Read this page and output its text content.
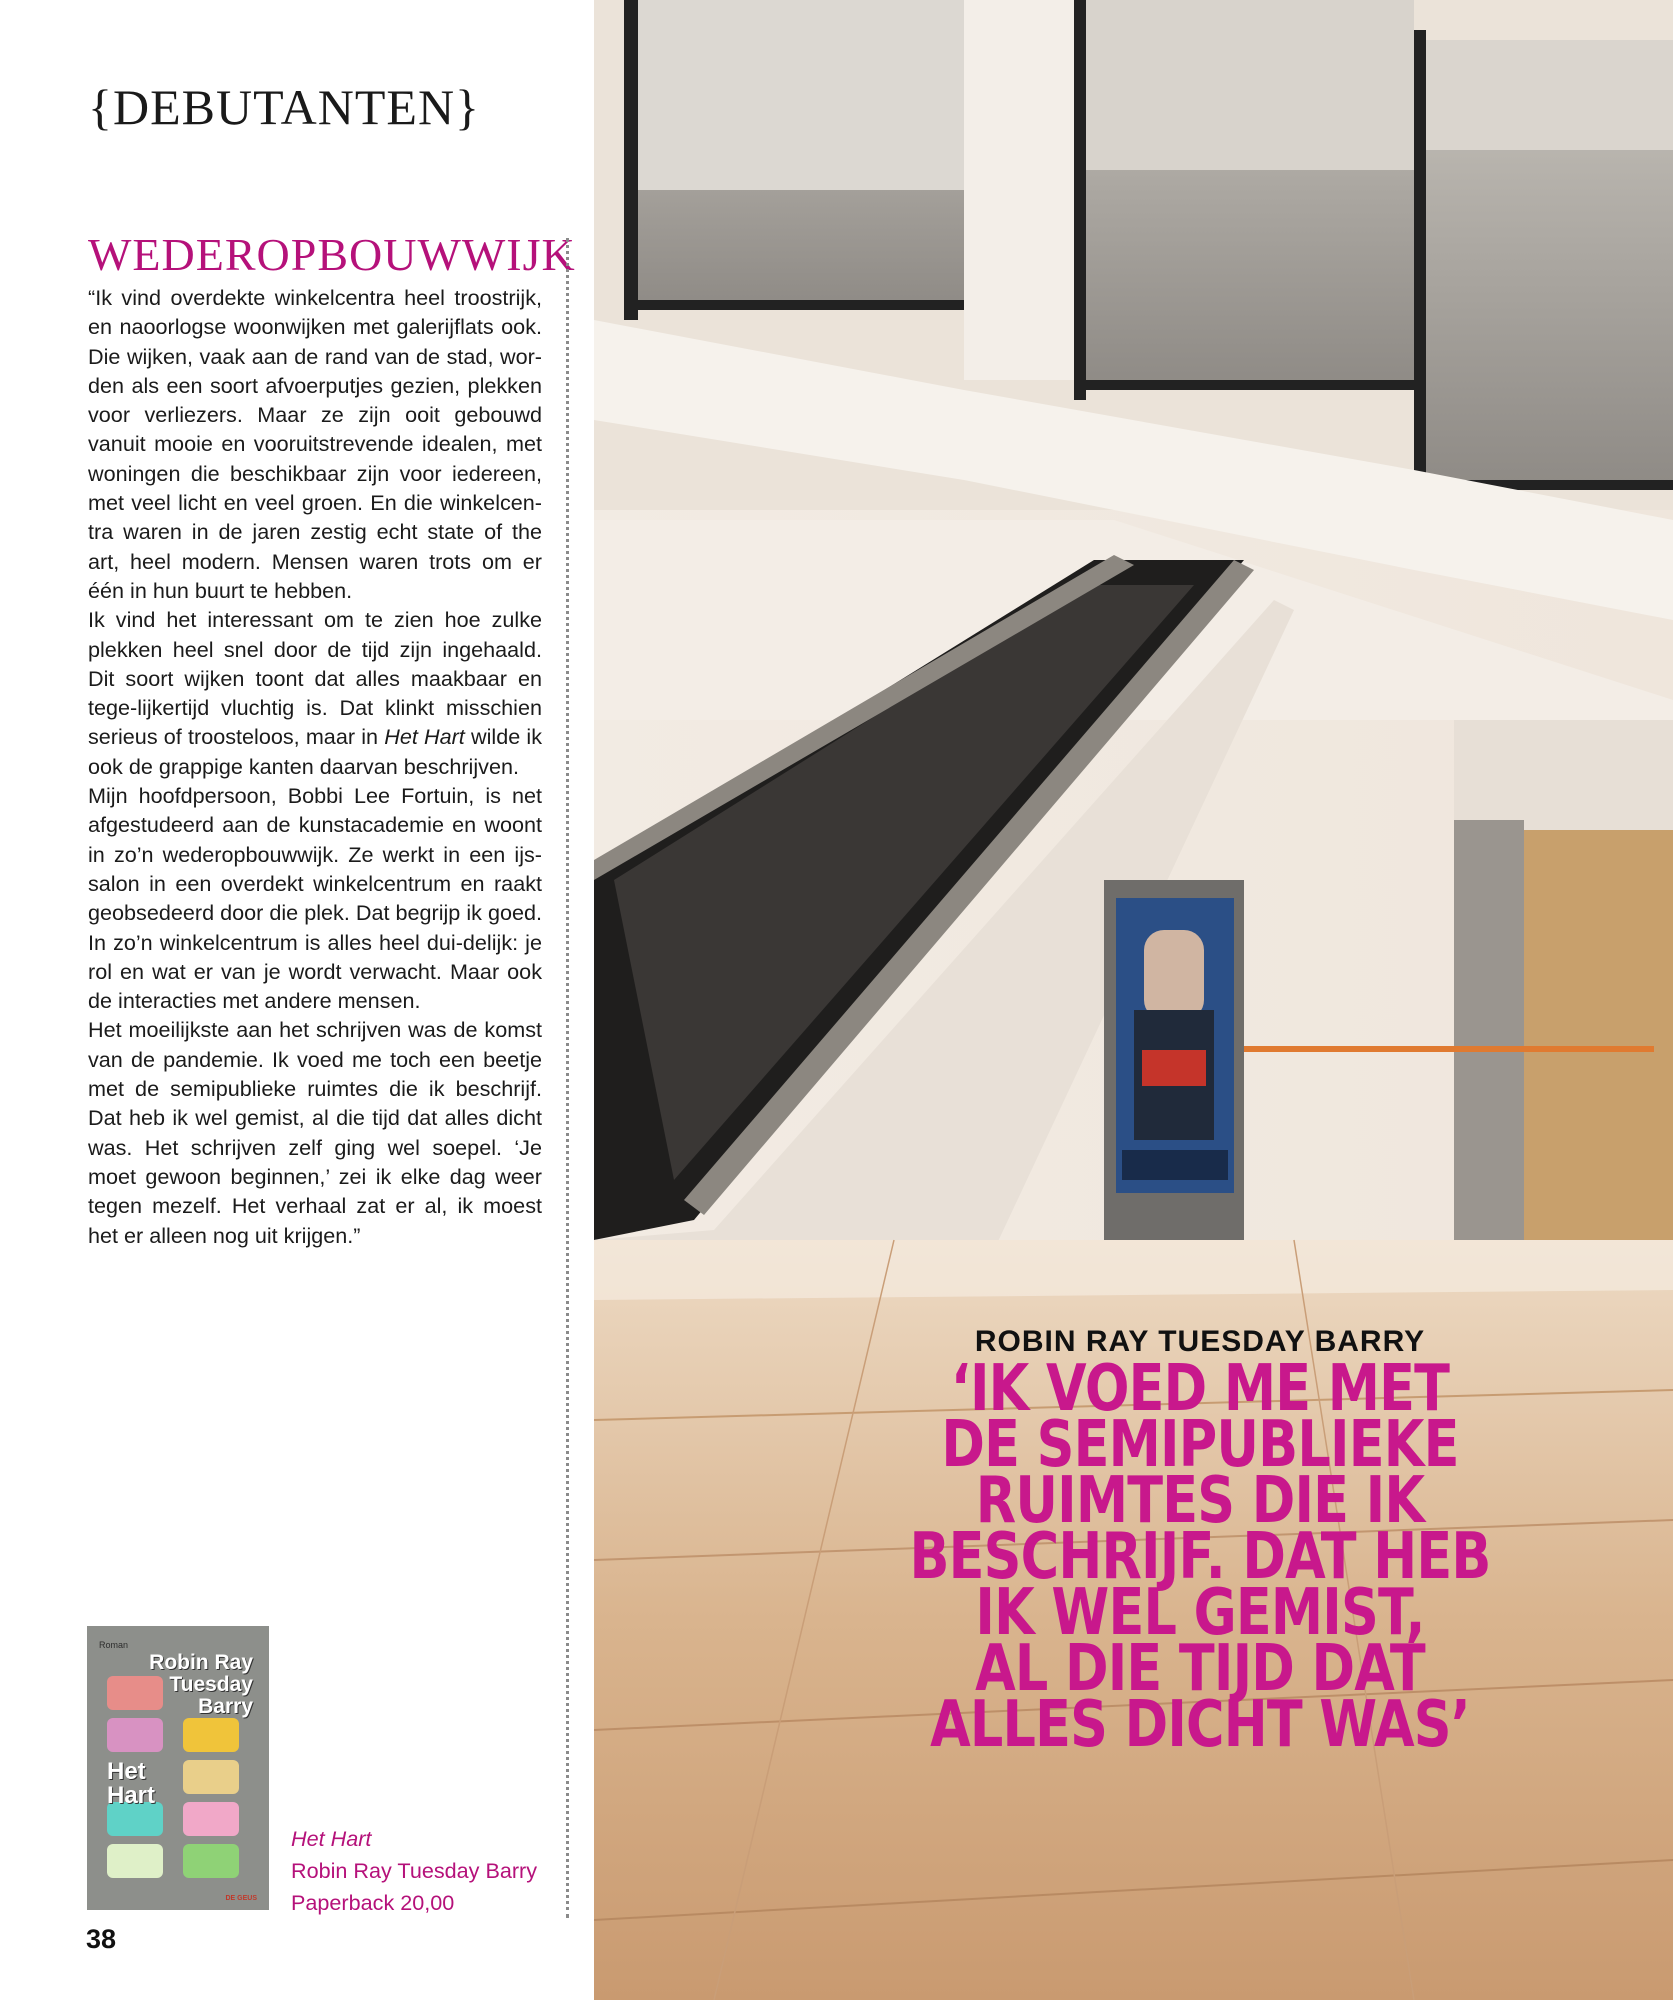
{DEBUTANTEN}
WEDEROPBOUWWIJK

“Ik vind overdekte winkelcentra heel troostrijk, en naoorlogse woonwijken met galerijflats ook. Die wijken, vaak aan de rand van de stad, wor-den als een soort afvoerputjes gezien, plekken voor verliezers. Maar ze zijn ooit gebouwd vanuit mooie en vooruitstrevende idealen, met woningen die beschikbaar zijn voor iedereen, met veel licht en veel groen. En die winkelcen-tra waren in de jaren zestig echt state of the art, heel modern. Mensen waren trots om er één in hun buurt te hebben.

Ik vind het interessant om te zien hoe zulke plekken heel snel door de tijd zijn ingehaald. Dit soort wijken toont dat alles maakbaar en tege-lijkertijd vluchtig is. Dat klinkt misschien serieus of troosteloos, maar in Het Hart wilde ik ook de grappige kanten daarvan beschrijven.

Mijn hoofdpersoon, Bobbi Lee Fortuin, is net afgestudeerd aan de kunstacademie en woont in zo’n wederopbouwwijk. Ze werkt in een ijs-salon in een overdekt winkelcentrum en raakt geobsedeerd door die plek. Dat begrijp ik goed. In zo’n winkelcentrum is alles heel dui-delijk: je rol en wat er van je wordt verwacht. Maar ook de interacties met andere mensen.

Het moeilijkste aan het schrijven was de komst van de pandemie. Ik voed me toch een beetje met de semipublieke ruimtes die ik beschrijf. Dat heb ik wel gemist, al die tijd dat alles dicht was. Het schrijven zelf ging wel soepel. ‘Je moet gewoon beginnen,’ zei ik elke dag weer tegen mezelf. Het verhaal zat er al, ik moest het er alleen nog uit krijgen.”

Roman
Robin Ray
Tuesday
Barry
Het
Hart
DE GEUS
Het Hart
Robin Ray Tuesday Barry
Paperback 20,00
38
ROBIN RAY TUESDAY BARRY
‘IK VOED ME MET
DE SEMIPUBLIEKE
RUIMTES DIE IK
BESCHRIJF. DAT HEB
IK WEL GEMIST,
AL DIE TIJD DAT
ALLES DICHT WAS’
